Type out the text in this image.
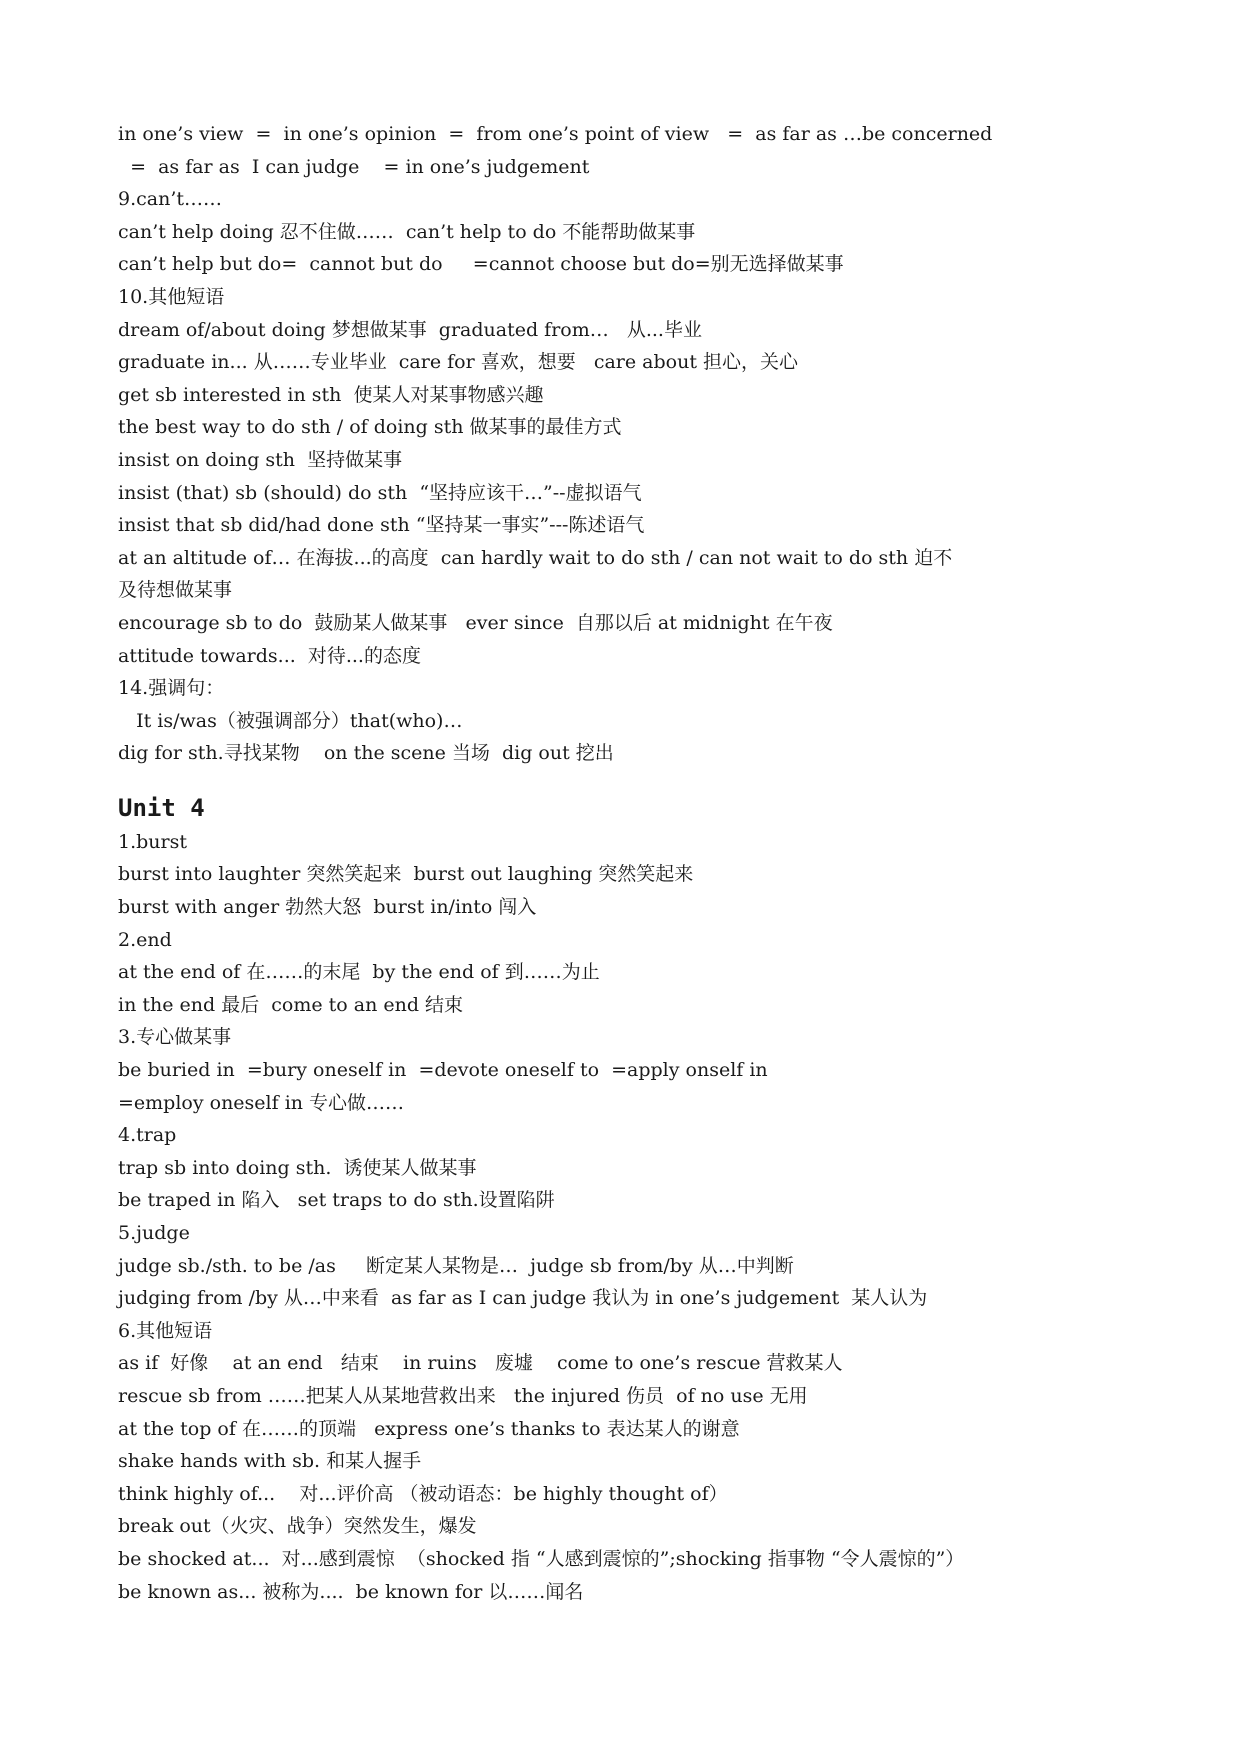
in one’s view  =  in one’s opinion  =  from one’s point of view   =  as far as …be concerned
=  as far as  I can judge    = in one’s judgement
9.can’t……
can’t help doing 忍不住做……  can’t help to do 不能帮助做某事
can’t help but do=  cannot but do     =cannot choose but do=别无选择做某事
10.其他短语
dream of/about doing 梦想做某事  graduated from…   从...毕业
graduate in... 从……专业毕业  care for 喜欢，想要   care about 担心，关心
get sb interested in sth  使某人对某事物感兴趣
the best way to do sth / of doing sth 做某事的最佳方式
insist on doing sth  坚持做某事
insist (that) sb (should) do sth  “坚持应该干…”--虚拟语气
insist that sb did/had done sth “坚持某一事实”---陈述语气
at an altitude of… 在海拔...的高度  can hardly wait to do sth / can not wait to do sth 迫不
及待想做某事
encourage sb to do  鼓励某人做某事   ever since  自那以后 at midnight 在午夜
attitude towards...  对待...的态度
14.强调句：
It is/was（被强调部分）that(who)…
dig for sth.寻找某物    on the scene 当场  dig out 挖出
Unit 4
1.burst
burst into laughter 突然笑起来  burst out laughing 突然笑起来
burst with anger 勃然大怒  burst in/into 闯入
2.end
at the end of 在……的末尾  by the end of 到……为止
in the end 最后  come to an end 结束
3.专心做某事
be buried in  =bury oneself in  =devote oneself to  =apply onself in
=employ oneself in 专心做……
4.trap
trap sb into doing sth.  诱使某人做某事
be traped in 陷入   set traps to do sth.设置陷阱
5.judge
judge sb./sth. to be /as     断定某人某物是…  judge sb from/by 从…中判断
judging from /by 从…中来看  as far as I can judge 我认为 in one’s judgement  某人认为
6.其他短语
as if  好像    at an end   结束    in ruins   废墟    come to one’s rescue 营救某人
rescue sb from ……把某人从某地营救出来   the injured 伤员  of no use 无用
at the top of 在……的顶端   express one’s thanks to 表达某人的谢意
shake hands with sb. 和某人握手
think highly of...    对...评价高 （被动语态：be highly thought of）
break out（火灾、战争）突然发生，爆发
be shocked at...  对...感到震惊  （shocked 指 “人感到震惊的”;shocking 指事物 “令人震惊的”）
be known as... 被称为....  be known for 以……闻名
